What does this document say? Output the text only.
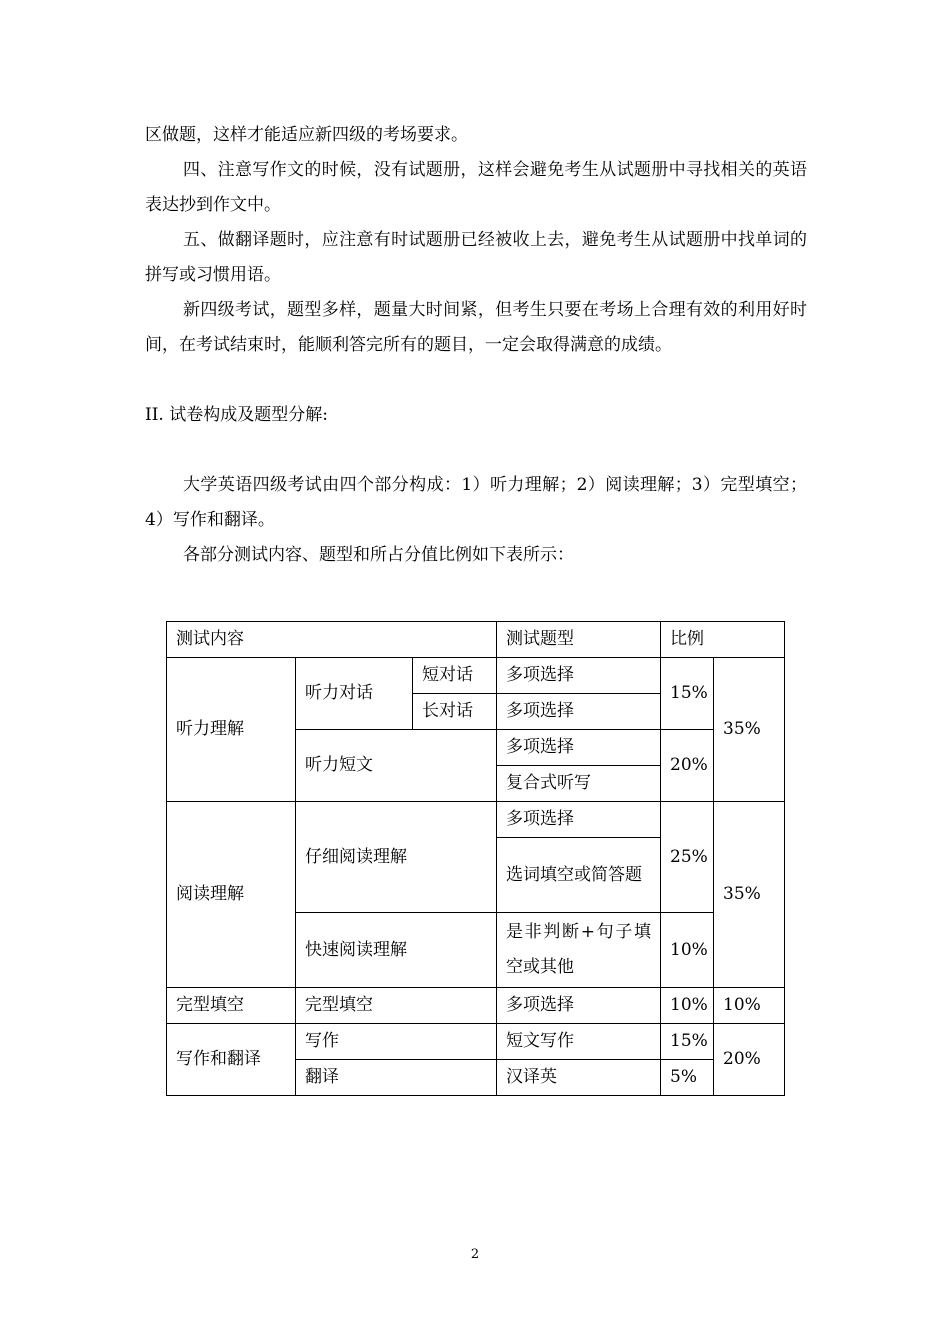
区做题，这样才能适应新四级的考场要求。

四、注意写作文的时候，没有试题册，这样会避免考生从试题册中寻找相关的英语表达抄到作文中。

五、做翻译题时，应注意有时试题册已经被收上去，避免考生从试题册中找单词的拼写或习惯用语。

新四级考试，题型多样，题量大时间紧，但考生只要在考场上合理有效的利用好时间，在考试结束时，能顺利答完所有的题目，一定会取得满意的成绩。

II. 试卷构成及题型分解:

大学英语四级考试由四个部分构成：1）听力理解；2）阅读理解；3）完型填空；4）写作和翻译。

各部分测试内容、题型和所占分值比例如下表所示：

测试内容			测试题型	比例	
听力理解	听力对话	短对话	多项选择	15%	35%
		长对话	多项选择		
	听力短文		多项选择	20%	
			复合式听写		
阅读理解	仔细阅读理解		多项选择	25%	35%
			选词填空或简答题		
	快速阅读理解		是非判断+句子填空或其他	10%	
完型填空	完型填空		多项选择	10%	10%
写作和翻译	写作		短文写作	15%	20%
	翻译		汉译英	5%	
2
